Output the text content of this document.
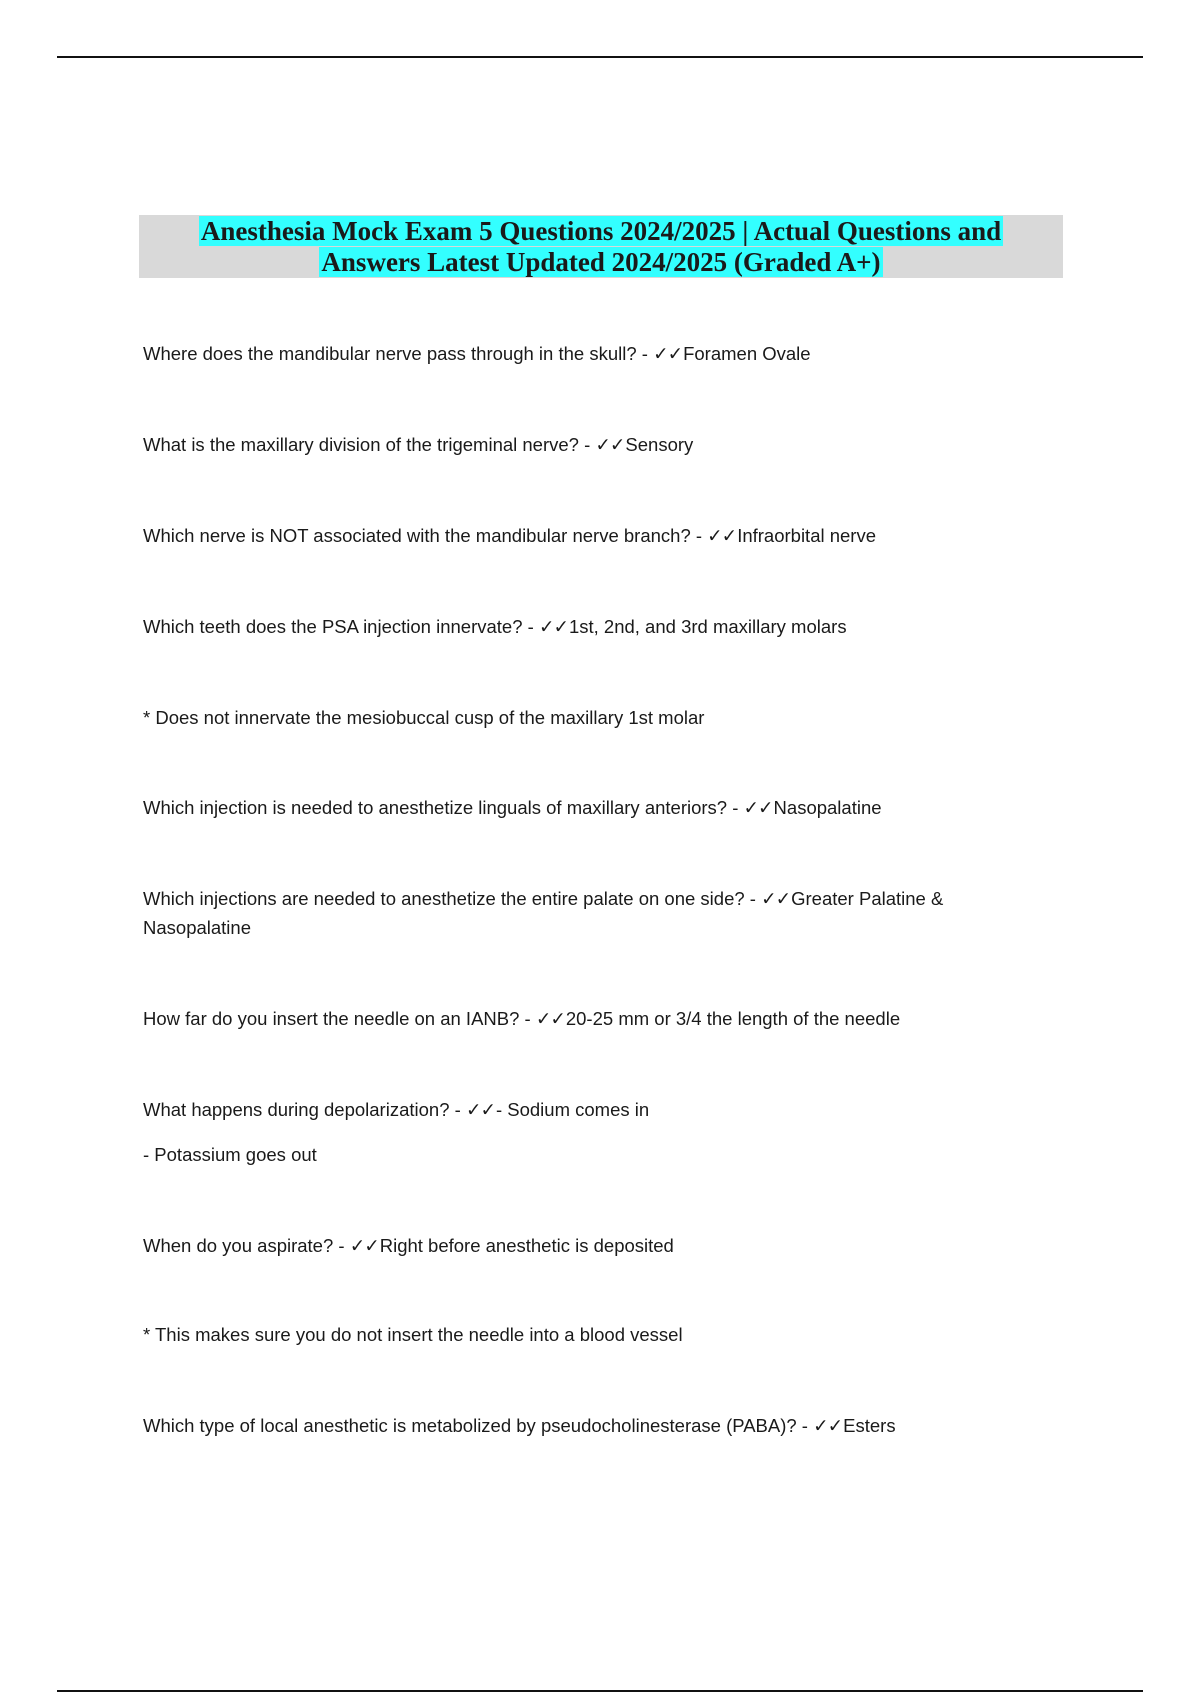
Anesthesia Mock Exam 5 Questions 2024/2025 | Actual Questions and
Answers Latest Updated 2024/2025 (Graded A+)
Where does the mandibular nerve pass through in the skull? - ✓✓Foramen Ovale
What is the maxillary division of the trigeminal nerve? - ✓✓Sensory
Which nerve is NOT associated with the mandibular nerve branch? - ✓✓Infraorbital nerve
Which teeth does the PSA injection innervate? - ✓✓1st, 2nd, and 3rd maxillary molars
* Does not innervate the mesiobuccal cusp of the maxillary 1st molar
Which injection is needed to anesthetize linguals of maxillary anteriors? - ✓✓Nasopalatine
Which injections are needed to anesthetize the entire palate on one side? - ✓✓Greater Palatine &
Nasopalatine
How far do you insert the needle on an IANB? - ✓✓20-25 mm or 3/4 the length of the needle
What happens during depolarization? - ✓✓- Sodium comes in
- Potassium goes out
When do you aspirate? - ✓✓Right before anesthetic is deposited
* This makes sure you do not insert the needle into a blood vessel
Which type of local anesthetic is metabolized by pseudocholinesterase (PABA)? - ✓✓Esters
